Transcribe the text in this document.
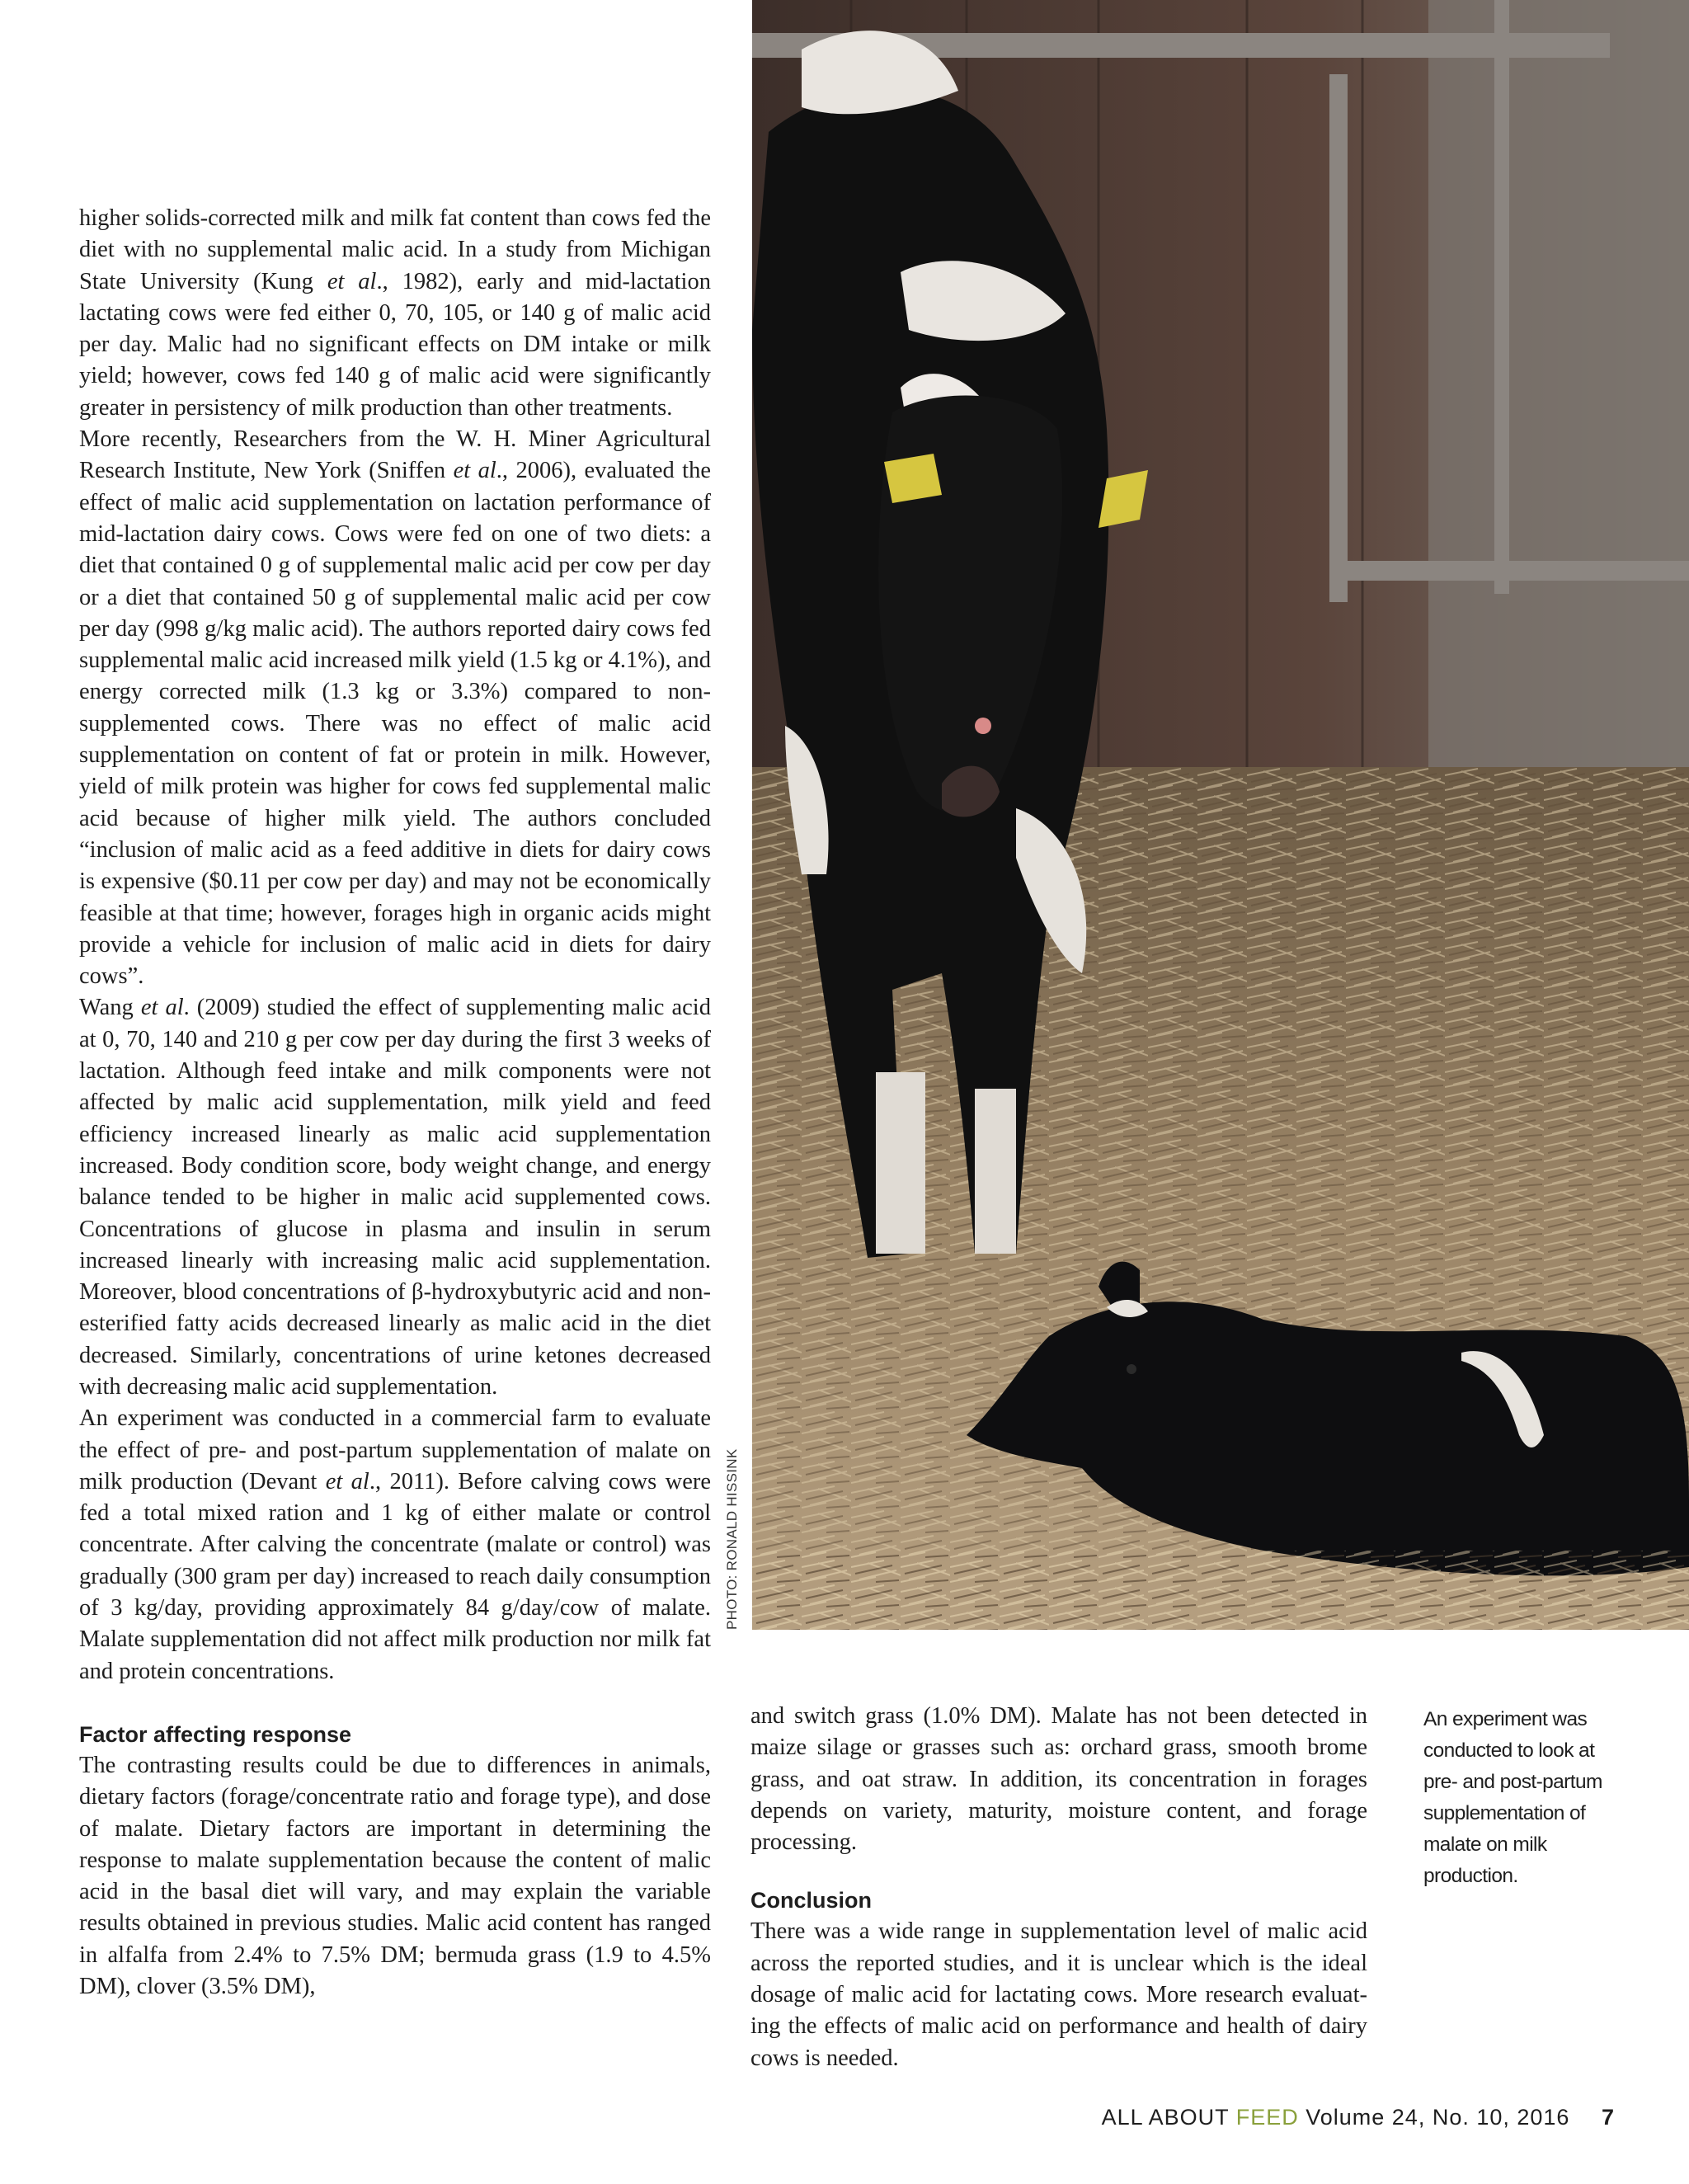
higher solids-corrected milk and milk fat content than cows fed the diet with no supplemental malic acid. In a study from Michigan State University (Kung et al., 1982), early and mid-lactation lactating cows were fed either 0, 70, 105, or 140 g of malic acid per day. Malic had no significant effects on DM intake or milk yield; however, cows fed 140 g of malic acid were significantly greater in persistency of milk production than other treatments.

More recently, Researchers from the W. H. Miner Agricultural Research Institute, New York (Sniffen et al., 2006), evaluated the effect of malic acid supplementation on lactation performance of mid-lactation dairy cows. Cows were fed on one of two diets: a diet that contained 0 g of supplemental malic acid per cow per day or a diet that contained 50 g of supplemental malic acid per cow per day (998 g/kg malic acid). The authors reported dairy cows fed supplemental malic acid increased milk yield (1.5 kg or 4.1%), and energy corrected milk (1.3 kg or 3.3%) compared to non-supplemented cows. There was no effect of malic acid supplementation on content of fat or protein in milk. However, yield of milk protein was higher for cows fed supplemental malic acid because of higher milk yield. The authors concluded “inclusion of malic acid as a feed additive in diets for dairy cows is expensive ($0.11 per cow per day) and may not be economically feasible at that time; however, forages high in organic acids might provide a vehicle for inclusion of malic acid in diets for dairy cows”.

Wang et al. (2009) studied the effect of supplementing malic acid at 0, 70, 140 and 210 g per cow per day during the first 3 weeks of lactation. Although feed intake and milk components were not affected by malic acid supplementation, milk yield and feed efficiency increased linearly as malic acid supplementation increased. Body condition score, body weight change, and energy balance tended to be higher in malic acid supplemented cows. Concentrations of glucose in plasma and insulin in serum increased linearly with increasing malic acid supplementation. Moreover, blood concentrations of β-hydroxybutyric acid and non-esterified fatty acids decreased linearly as malic acid in the diet decreased. Similarly, concentrations of urine ketones decreased with decreasing malic acid supplementation.

An experiment was conducted in a commercial farm to evaluate the effect of pre- and post-partum supplementation of malate on milk production (Devant et al., 2011). Before calving cows were fed a total mixed ration and 1 kg of either malate or control concentrate. After calving the concentrate (malate or control) was gradually (300 gram per day) increased to reach daily consumption of 3 kg/day, providing approximately 84 g/day/cow of malate. Malate supplementation did not affect milk production nor milk fat and protein concentrations.

Factor affecting response

The contrasting results could be due to differences in animals, dietary factors (forage/concentrate ratio and forage type), and dose of malate. Dietary factors are important in determining the response to malate supplementation because the content of malic acid in the basal diet will vary, and may explain the variable results obtained in previous studies. Malic acid content has ranged in alfalfa from 2.4% to 7.5% DM; bermuda grass (1.9 to 4.5% DM), clover (3.5% DM),

PHOTO: RONALD HISSINK

and switch grass (1.0% DM). Malate has not been detected in maize silage or grasses such as: orchard grass, smooth brome grass, and oat straw. In addition, its concentration in forages depends on variety, maturity, moisture content, and forage processing.

Conclusion

There was a wide range in supplementation level of malic acid across the reported studies, and it is unclear which is the ideal dosage of malic acid for lactating cows. More research evaluating the effects of malic acid on performance and health of dairy cows is needed.

An experiment was conducted to look at pre- and post-partum supplementation of malate on milk production.
ALL ABOUT FEED Volume 24, No. 10, 2016 7
